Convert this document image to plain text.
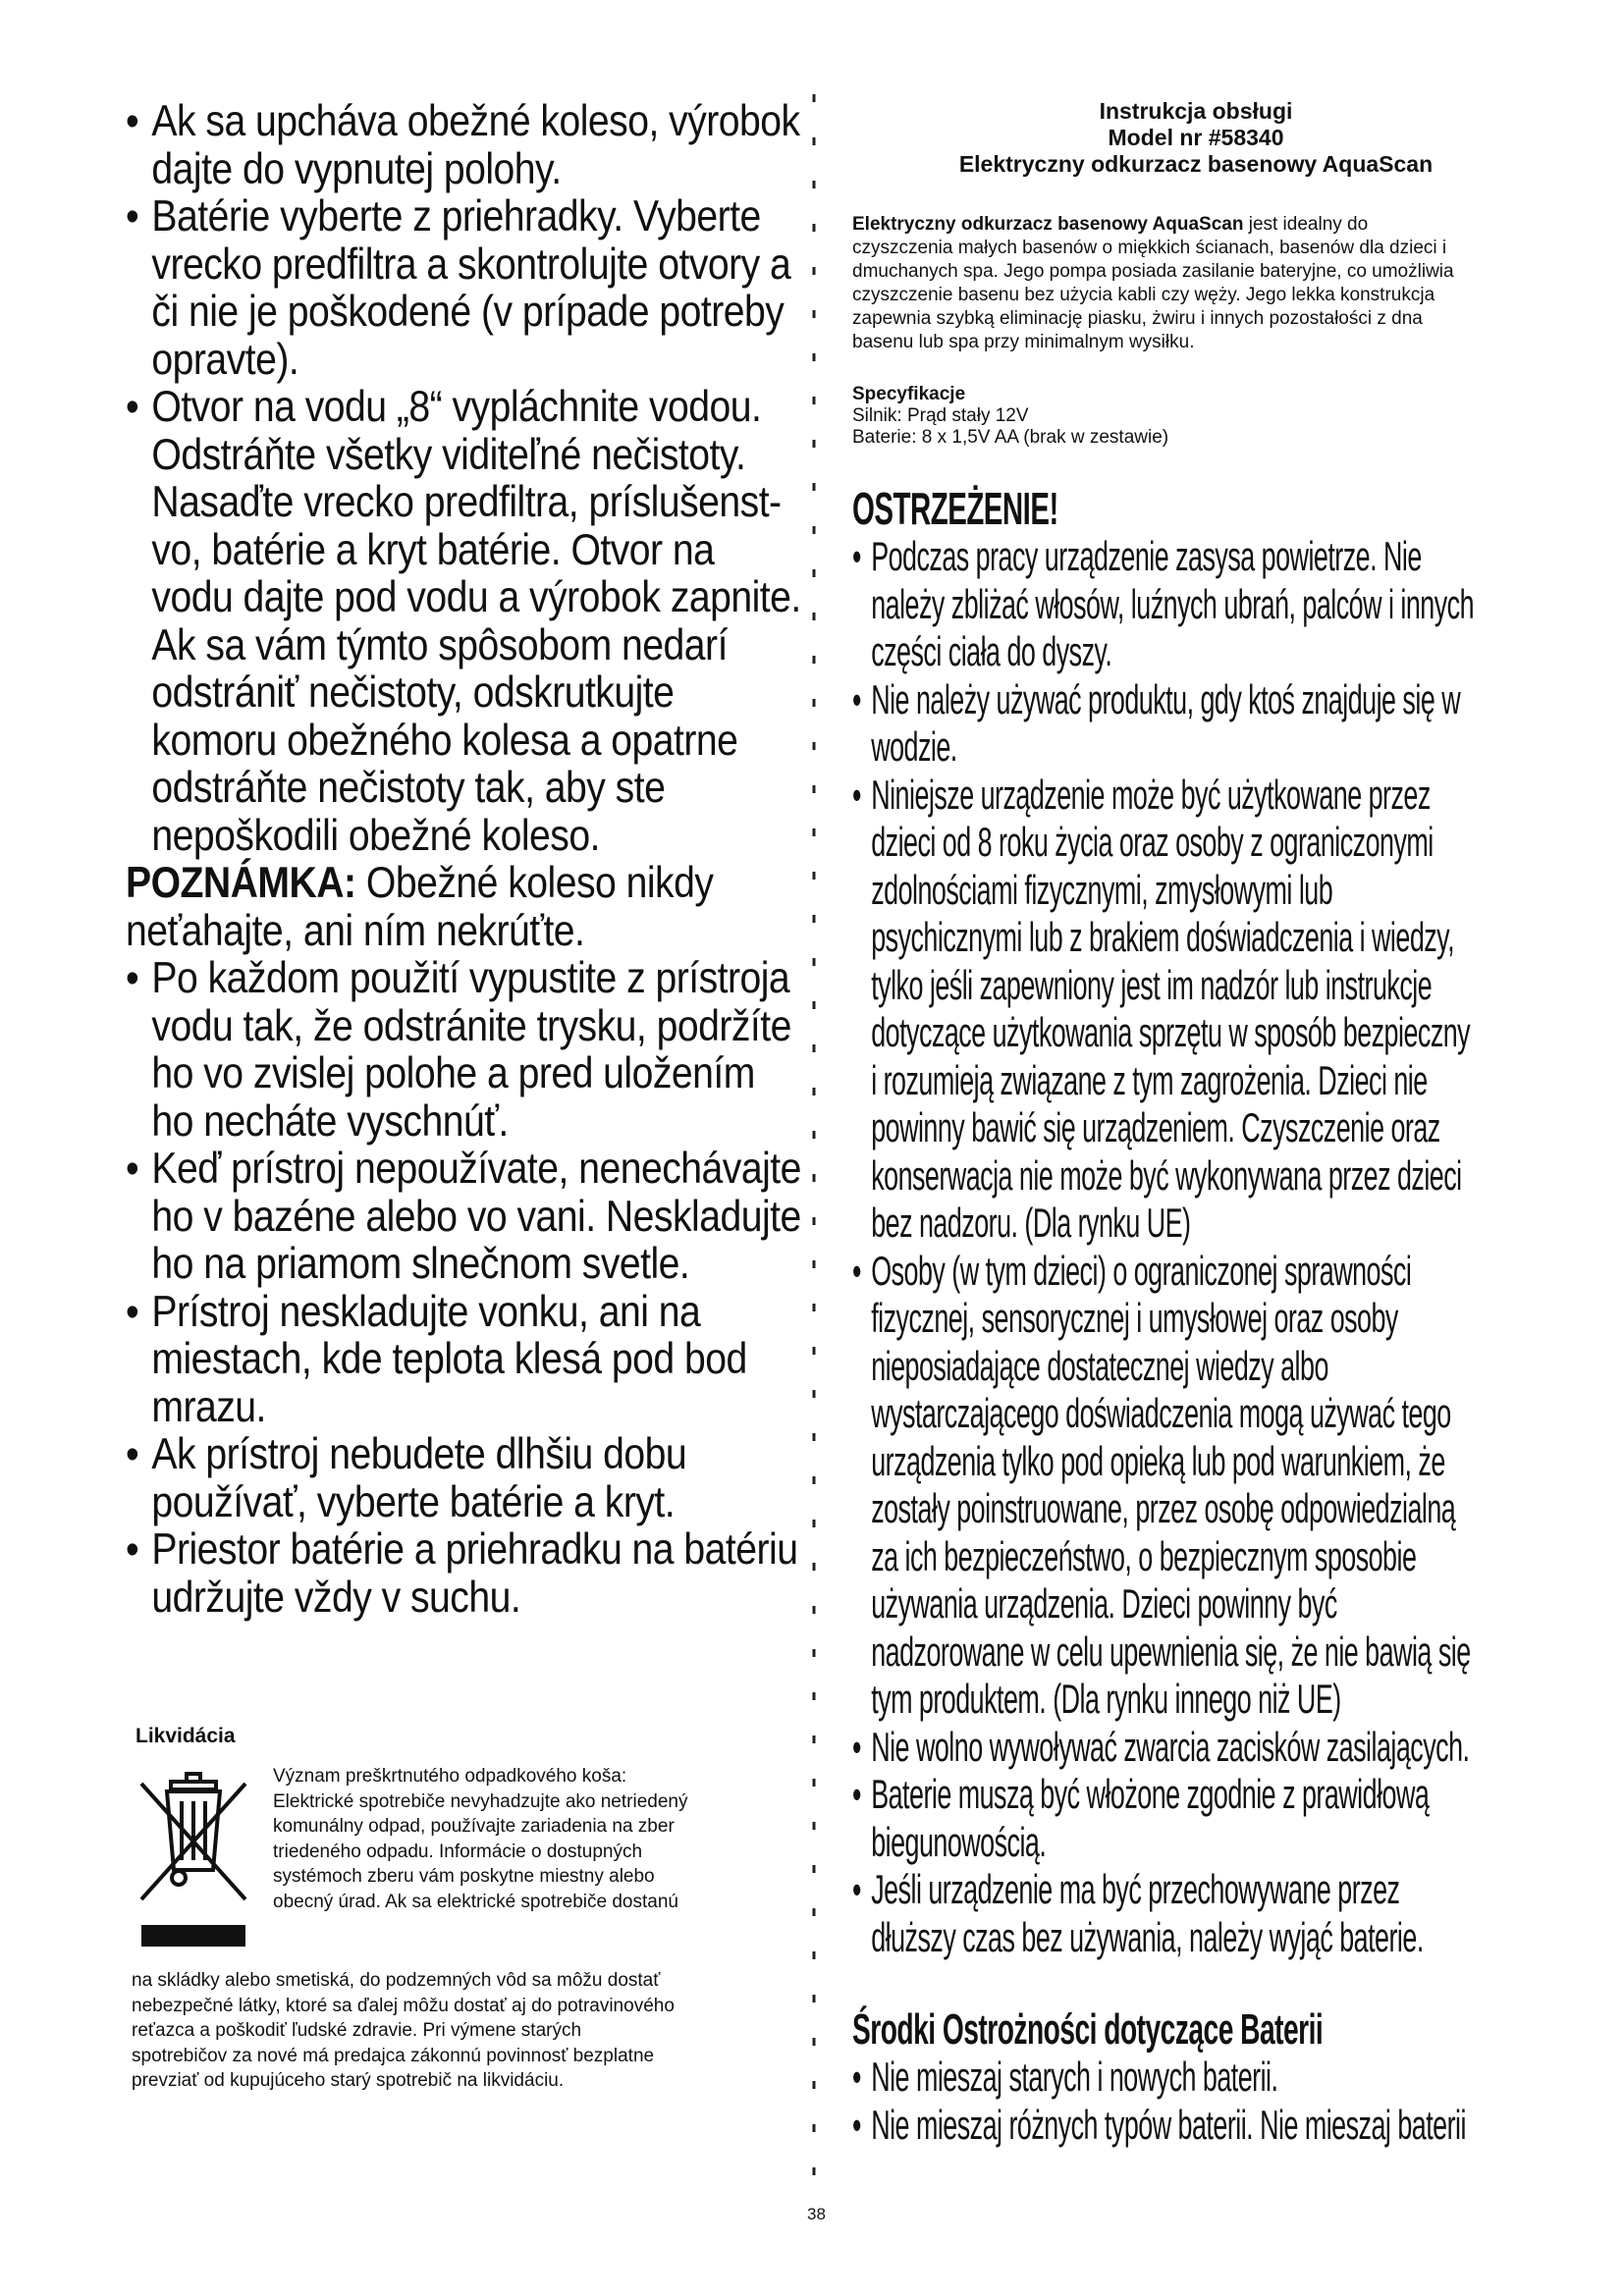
• Ak sa upcháva obežné koleso, výrobok
dajte do vypnutej polohy.
• Batérie vyberte z priehradky. Vyberte
vrecko predfiltra a skontrolujte otvory a
či nie je poškodené (v prípade potreby
opravte).
• Otvor na vodu „8“ vypláchnite vodou.
Odstráňte všetky viditeľné nečistoty.
Nasaďte vrecko predfiltra, príslušenst-
vo, batérie a kryt batérie. Otvor na
vodu dajte pod vodu a výrobok zapnite.
Ak sa vám týmto spôsobom nedarí
odstrániť nečistoty, odskrutkujte
komoru obežného kolesa a opatrne
odstráňte nečistoty tak, aby ste
nepoškodili obežné koleso.
POZNÁMKA: Obežné koleso nikdy
neťahajte, ani ním nekrúťte.
• Po každom použití vypustite z prístroja
vodu tak, že odstránite trysku, podržíte
ho vo zvislej polohe a pred uložením
ho necháte vyschnúť.
• Keď prístroj nepoužívate, nenechávajte
ho v bazéne alebo vo vani. Neskladujte
ho na priamom slnečnom svetle.
• Prístroj neskladujte vonku, ani na
miestach, kde teplota klesá pod bod
mrazu.
• Ak prístroj nebudete dlhšiu dobu
používať, vyberte batérie a kryt.
• Priestor batérie a priehradku na batériu
udržujte vždy v suchu.
Likvidácia
Význam preškrtnutého odpadkového koša:
Elektrické spotrebiče nevyhadzujte ako netriedený
komunálny odpad, používajte zariadenia na zber
triedeného odpadu. Informácie o dostupných
systémoch zberu vám poskytne miestny alebo
obecný úrad. Ak sa elektrické spotrebiče dostanú
na skládky alebo smetiská, do podzemných vôd sa môžu dostať
nebezpečné látky, ktoré sa ďalej môžu dostať aj do potravinového
reťazca a poškodiť ľudské zdravie. Pri výmene starých
spotrebičov za nové má predajca zákonnú povinnosť bezplatne
prevziať od kupujúceho starý spotrebič na likvidáciu.
38
Instrukcja obsługi
Model nr #58340
Elektryczny odkurzacz basenowy AquaScan
Elektryczny odkurzacz basenowy AquaScan jest idealny do
czyszczenia małych basenów o miękkich ścianach, basenów dla dzieci i
dmuchanych spa. Jego pompa posiada zasilanie bateryjne, co umożliwia
czyszczenie basenu bez użycia kabli czy węży. Jego lekka konstrukcja
zapewnia szybką eliminację piasku, żwiru i innych pozostałości z dna
basenu lub spa przy minimalnym wysiłku.
Specyfikacje
Silnik: Prąd stały 12V
Baterie: 8 x 1,5V AA (brak w zestawie)
OSTRZEŻENIE!
• Podczas pracy urządzenie zasysa powietrze. Nie
należy zbliżać włosów, luźnych ubrań, palców i innych
części ciała do dyszy.
• Nie należy używać produktu, gdy ktoś znajduje się w
wodzie.
• Niniejsze urządzenie może być użytkowane przez
dzieci od 8 roku życia oraz osoby z ograniczonymi
zdolnościami fizycznymi, zmysłowymi lub
psychicznymi lub z brakiem doświadczenia i wiedzy,
tylko jeśli zapewniony jest im nadzór lub instrukcje
dotyczące użytkowania sprzętu w sposób bezpieczny
i rozumieją związane z tym zagrożenia. Dzieci nie
powinny bawić się urządzeniem. Czyszczenie oraz
konserwacja nie może być wykonywana przez dzieci
bez nadzoru. (Dla rynku UE)
• Osoby (w tym dzieci) o ograniczonej sprawności
fizycznej, sensorycznej i umysłowej oraz osoby
nieposiadające dostatecznej wiedzy albo
wystarczającego doświadczenia mogą używać tego
urządzenia tylko pod opieką lub pod warunkiem, że
zostały poinstruowane, przez osobę odpowiedzialną
za ich bezpieczeństwo, o bezpiecznym sposobie
używania urządzenia. Dzieci powinny być
nadzorowane w celu upewnienia się, że nie bawią się
tym produktem. (Dla rynku innego niż UE)
• Nie wolno wywoływać zwarcia zacisków zasilających.
• Baterie muszą być włożone zgodnie z prawidłową
biegunowością.
• Jeśli urządzenie ma być przechowywane przez
dłuższy czas bez używania, należy wyjąć baterie.
Środki Ostrożności dotyczące Baterii
• Nie mieszaj starych i nowych baterii.
• Nie mieszaj różnych typów baterii. Nie mieszaj baterii
